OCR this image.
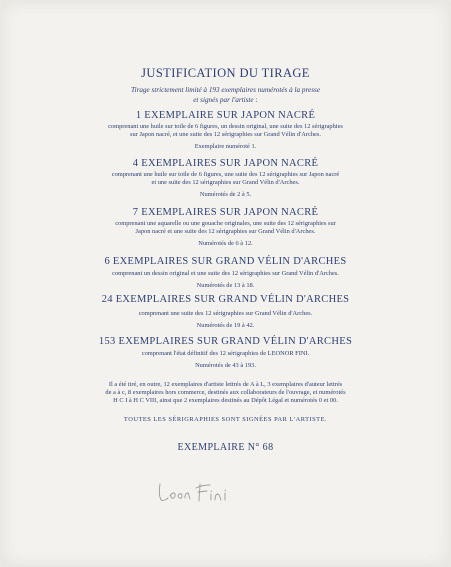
JUSTIFICATION DU TIRAGE
Tirage strictement limité à 193 exemplaires numérotés à la presse
et signés par l'artiste :
1 EXEMPLAIRE SUR JAPON NACRÉ
comprenant une huile sur toile de 6 figures, un dessin original, une suite des 12 sérigraphies
sur Japon nacré, et une suite des 12 sérigraphies sur Grand Vélin d'Arches.
Exemplaire numéroté 1.
4 EXEMPLAIRES SUR JAPON NACRÉ
comprenant une huile sur toile de 6 figures, une suite des 12 sérigraphies sur Japon nacré
et une suite des 12 sérigraphies sur Grand Vélin d'Arches.
Numérotés de 2 à 5.
7 EXEMPLAIRES SUR JAPON NACRÉ
comprenant une aquarelle ou une gouache originales, une suite des 12 sérigraphies sur
Japon nacré et une suite des 12 sérigraphies sur Grand Vélin d'Arches.
Numérotés de 6 à 12.
6 EXEMPLAIRES SUR GRAND VÉLIN D'ARCHES
comprenant un dessin original et une suite des 12 sérigraphies sur Grand Vélin d'Arches.
Numérotés de 13 à 18.
24 EXEMPLAIRES SUR GRAND VÉLIN D'ARCHES
comprenant une suite des 12 sérigraphies sur Grand Vélin d'Arches.
Numérotés de 19 à 42.
153 EXEMPLAIRES SUR GRAND VÉLIN D'ARCHES
comprenant l'état définitif des 12 sérigraphies de LEONOR FINI.
Numérotés de 43 à 193.
Il a été tiré, en outre, 12 exemplaires d'artiste lettrés de A à L, 3 exemplaires d'auteur lettrés
de a à c, 8 exemplaires hors commerce, destinés aux collaborateurs de l'ouvrage, et numérotés
H C I à H C VIII, ainsi que 2 exemplaires destinés au Dépôt Légal et numérotés 0 et 00.
TOUTES LES SÉRIGRAPHIES SONT SIGNÉES PAR L'ARTISTE.
EXEMPLAIRE N° 68
